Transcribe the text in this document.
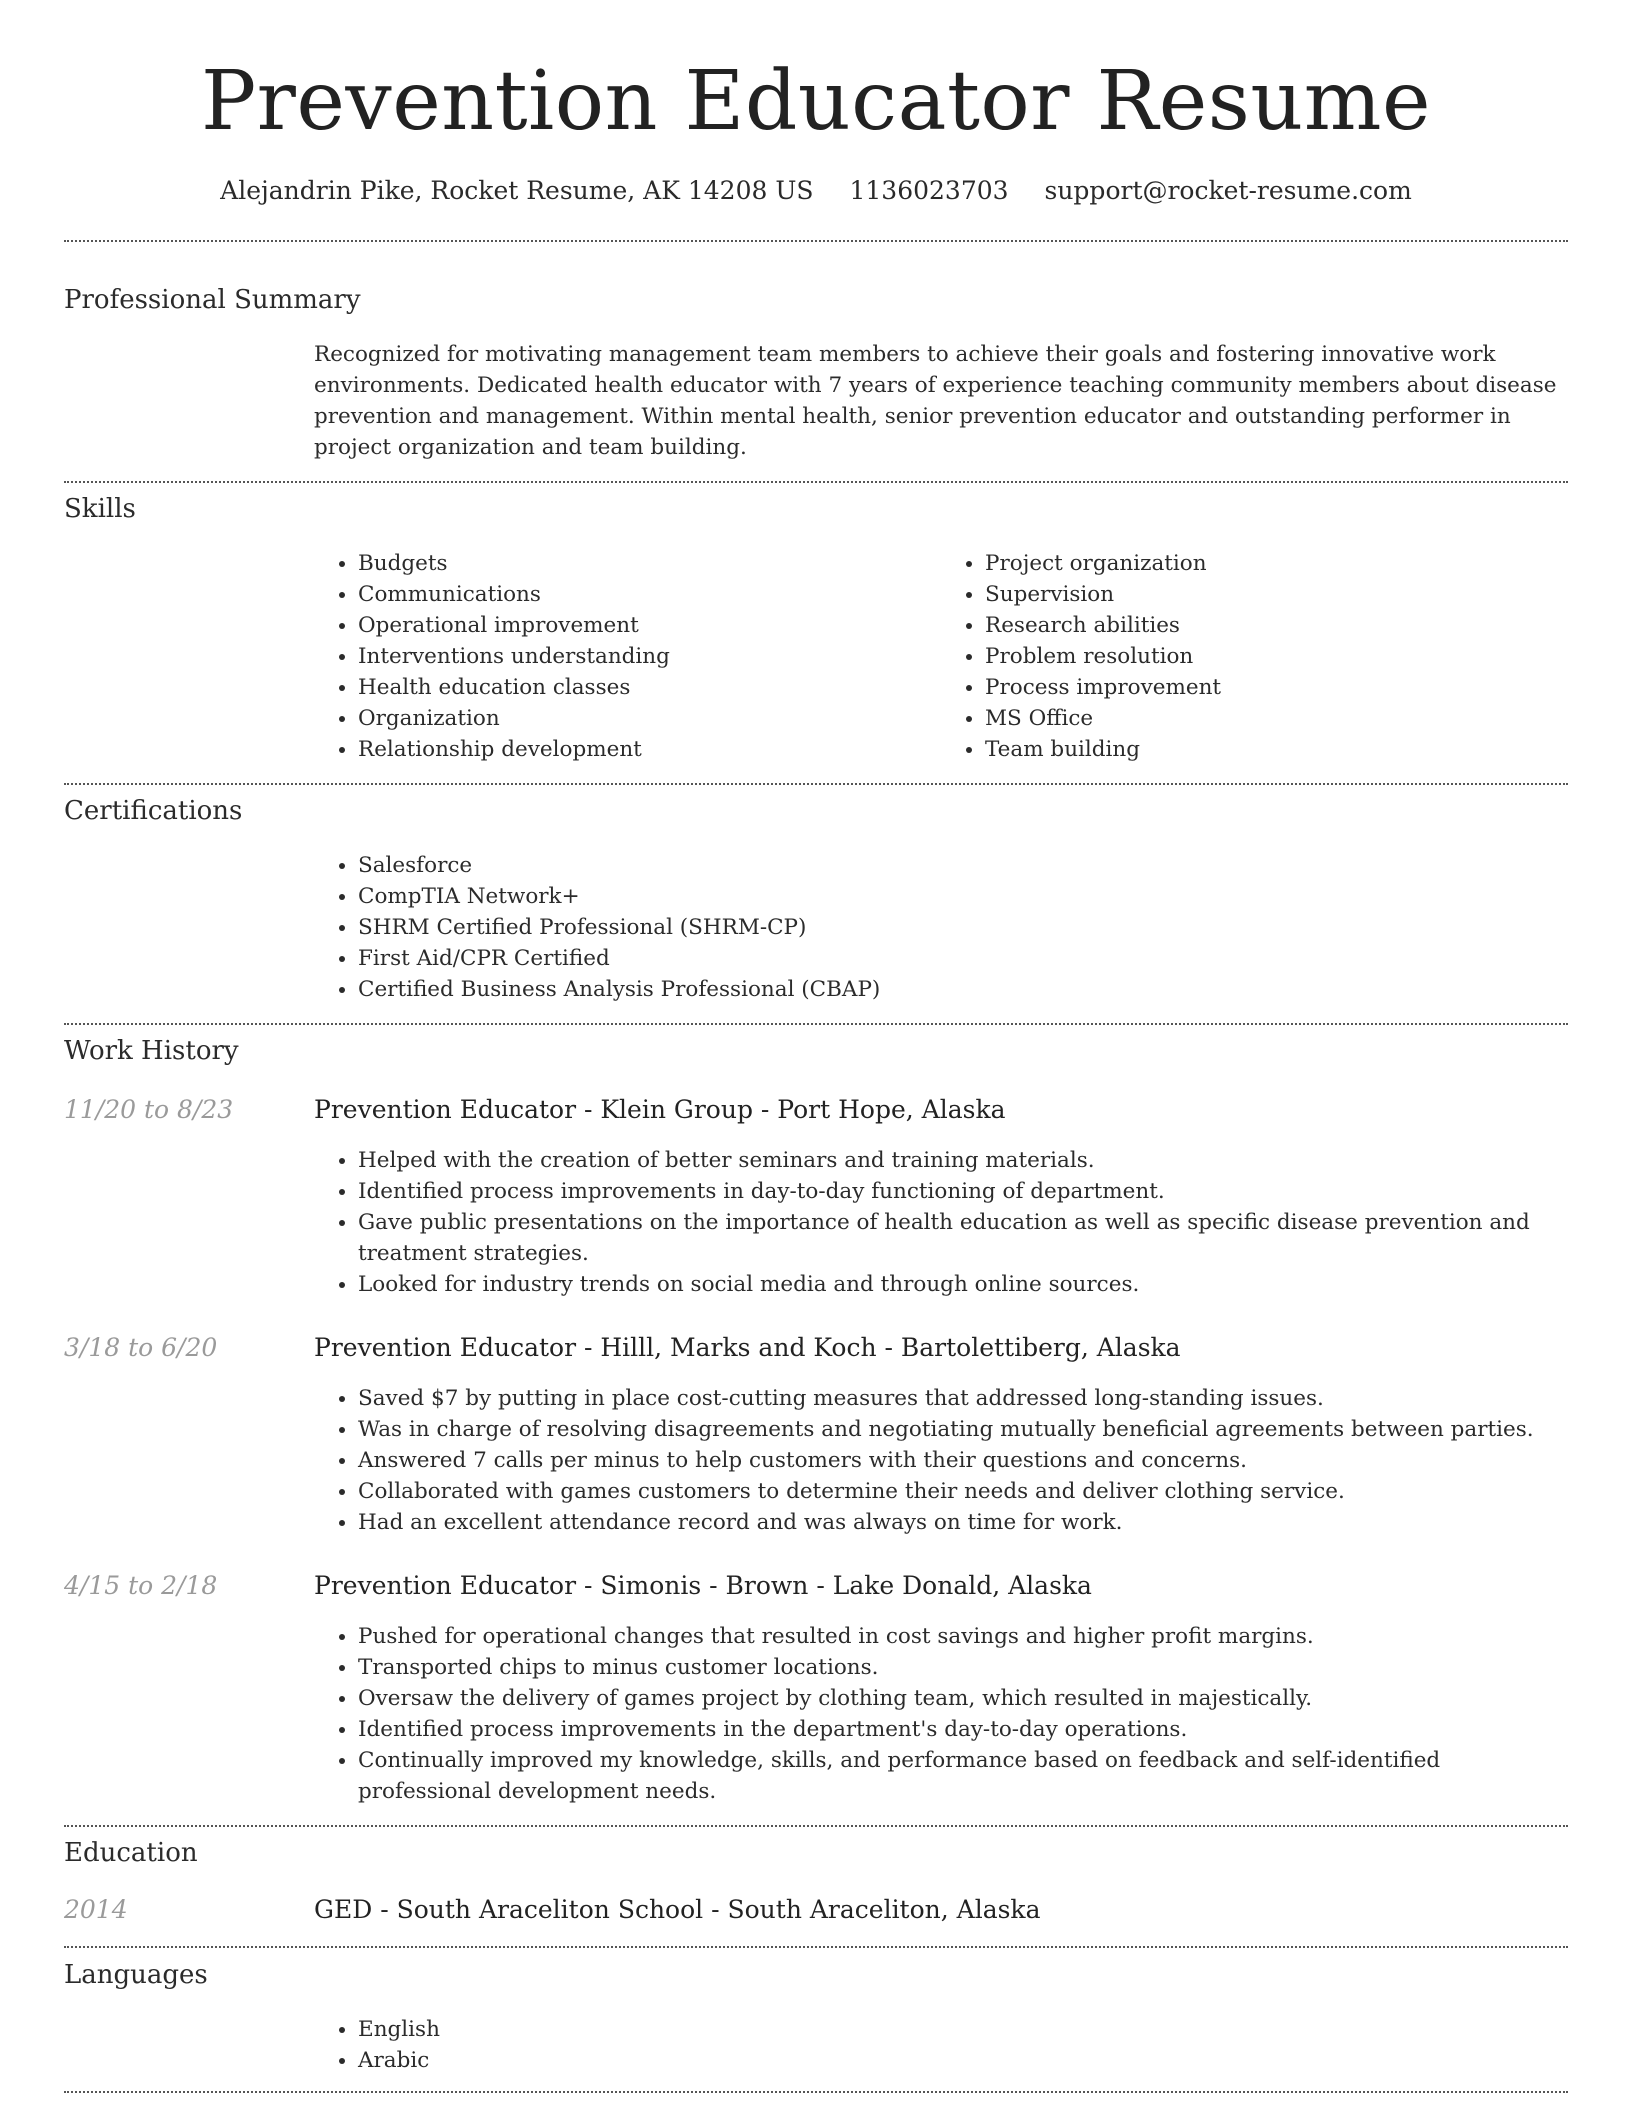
Prevention Educator Resume
Alejandrin Pike, Rocket Resume, AK 14208 US 1136023703 support@rocket-resume.com
Professional Summary
Recognized for motivating management team members to achieve their goals and fostering innovative work environments. Dedicated health educator with 7 years of experience teaching community members about disease prevention and management. Within mental health, senior prevention educator and outstanding performer in project organization and team building.
Skills
• Budgets
• Communications
• Operational improvement
• Interventions understanding
• Health education classes
• Organization
• Relationship development
• Project organization
• Supervision
• Research abilities
• Problem resolution
• Process improvement
• MS Office
• Team building
Certifications
• Salesforce
• CompTIA Network+
• SHRM Certified Professional (SHRM-CP)
• First Aid/CPR Certified
• Certified Business Analysis Professional (CBAP)
Work History
11/20 to 8/23	Prevention Educator - Klein Group - Port Hope, Alaska
• Helped with the creation of better seminars and training materials.
• Identified process improvements in day-to-day functioning of department.
• Gave public presentations on the importance of health education as well as specific disease prevention and treatment strategies.
• Looked for industry trends on social media and through online sources.
3/18 to 6/20	Prevention Educator - Hilll, Marks and Koch - Bartolettiberg, Alaska
• Saved $7 by putting in place cost-cutting measures that addressed long-standing issues.
• Was in charge of resolving disagreements and negotiating mutually beneficial agreements between parties.
• Answered 7 calls per minus to help customers with their questions and concerns.
• Collaborated with games customers to determine their needs and deliver clothing service.
• Had an excellent attendance record and was always on time for work.
4/15 to 2/18	Prevention Educator - Simonis - Brown - Lake Donald, Alaska
• Pushed for operational changes that resulted in cost savings and higher profit margins.
• Transported chips to minus customer locations.
• Oversaw the delivery of games project by clothing team, which resulted in majestically.
• Identified process improvements in the department's day-to-day operations.
• Continually improved my knowledge, skills, and performance based on feedback and self-identified professional development needs.
Education
2014	GED - South Araceliton School - South Araceliton, Alaska
Languages
• English
• Arabic
